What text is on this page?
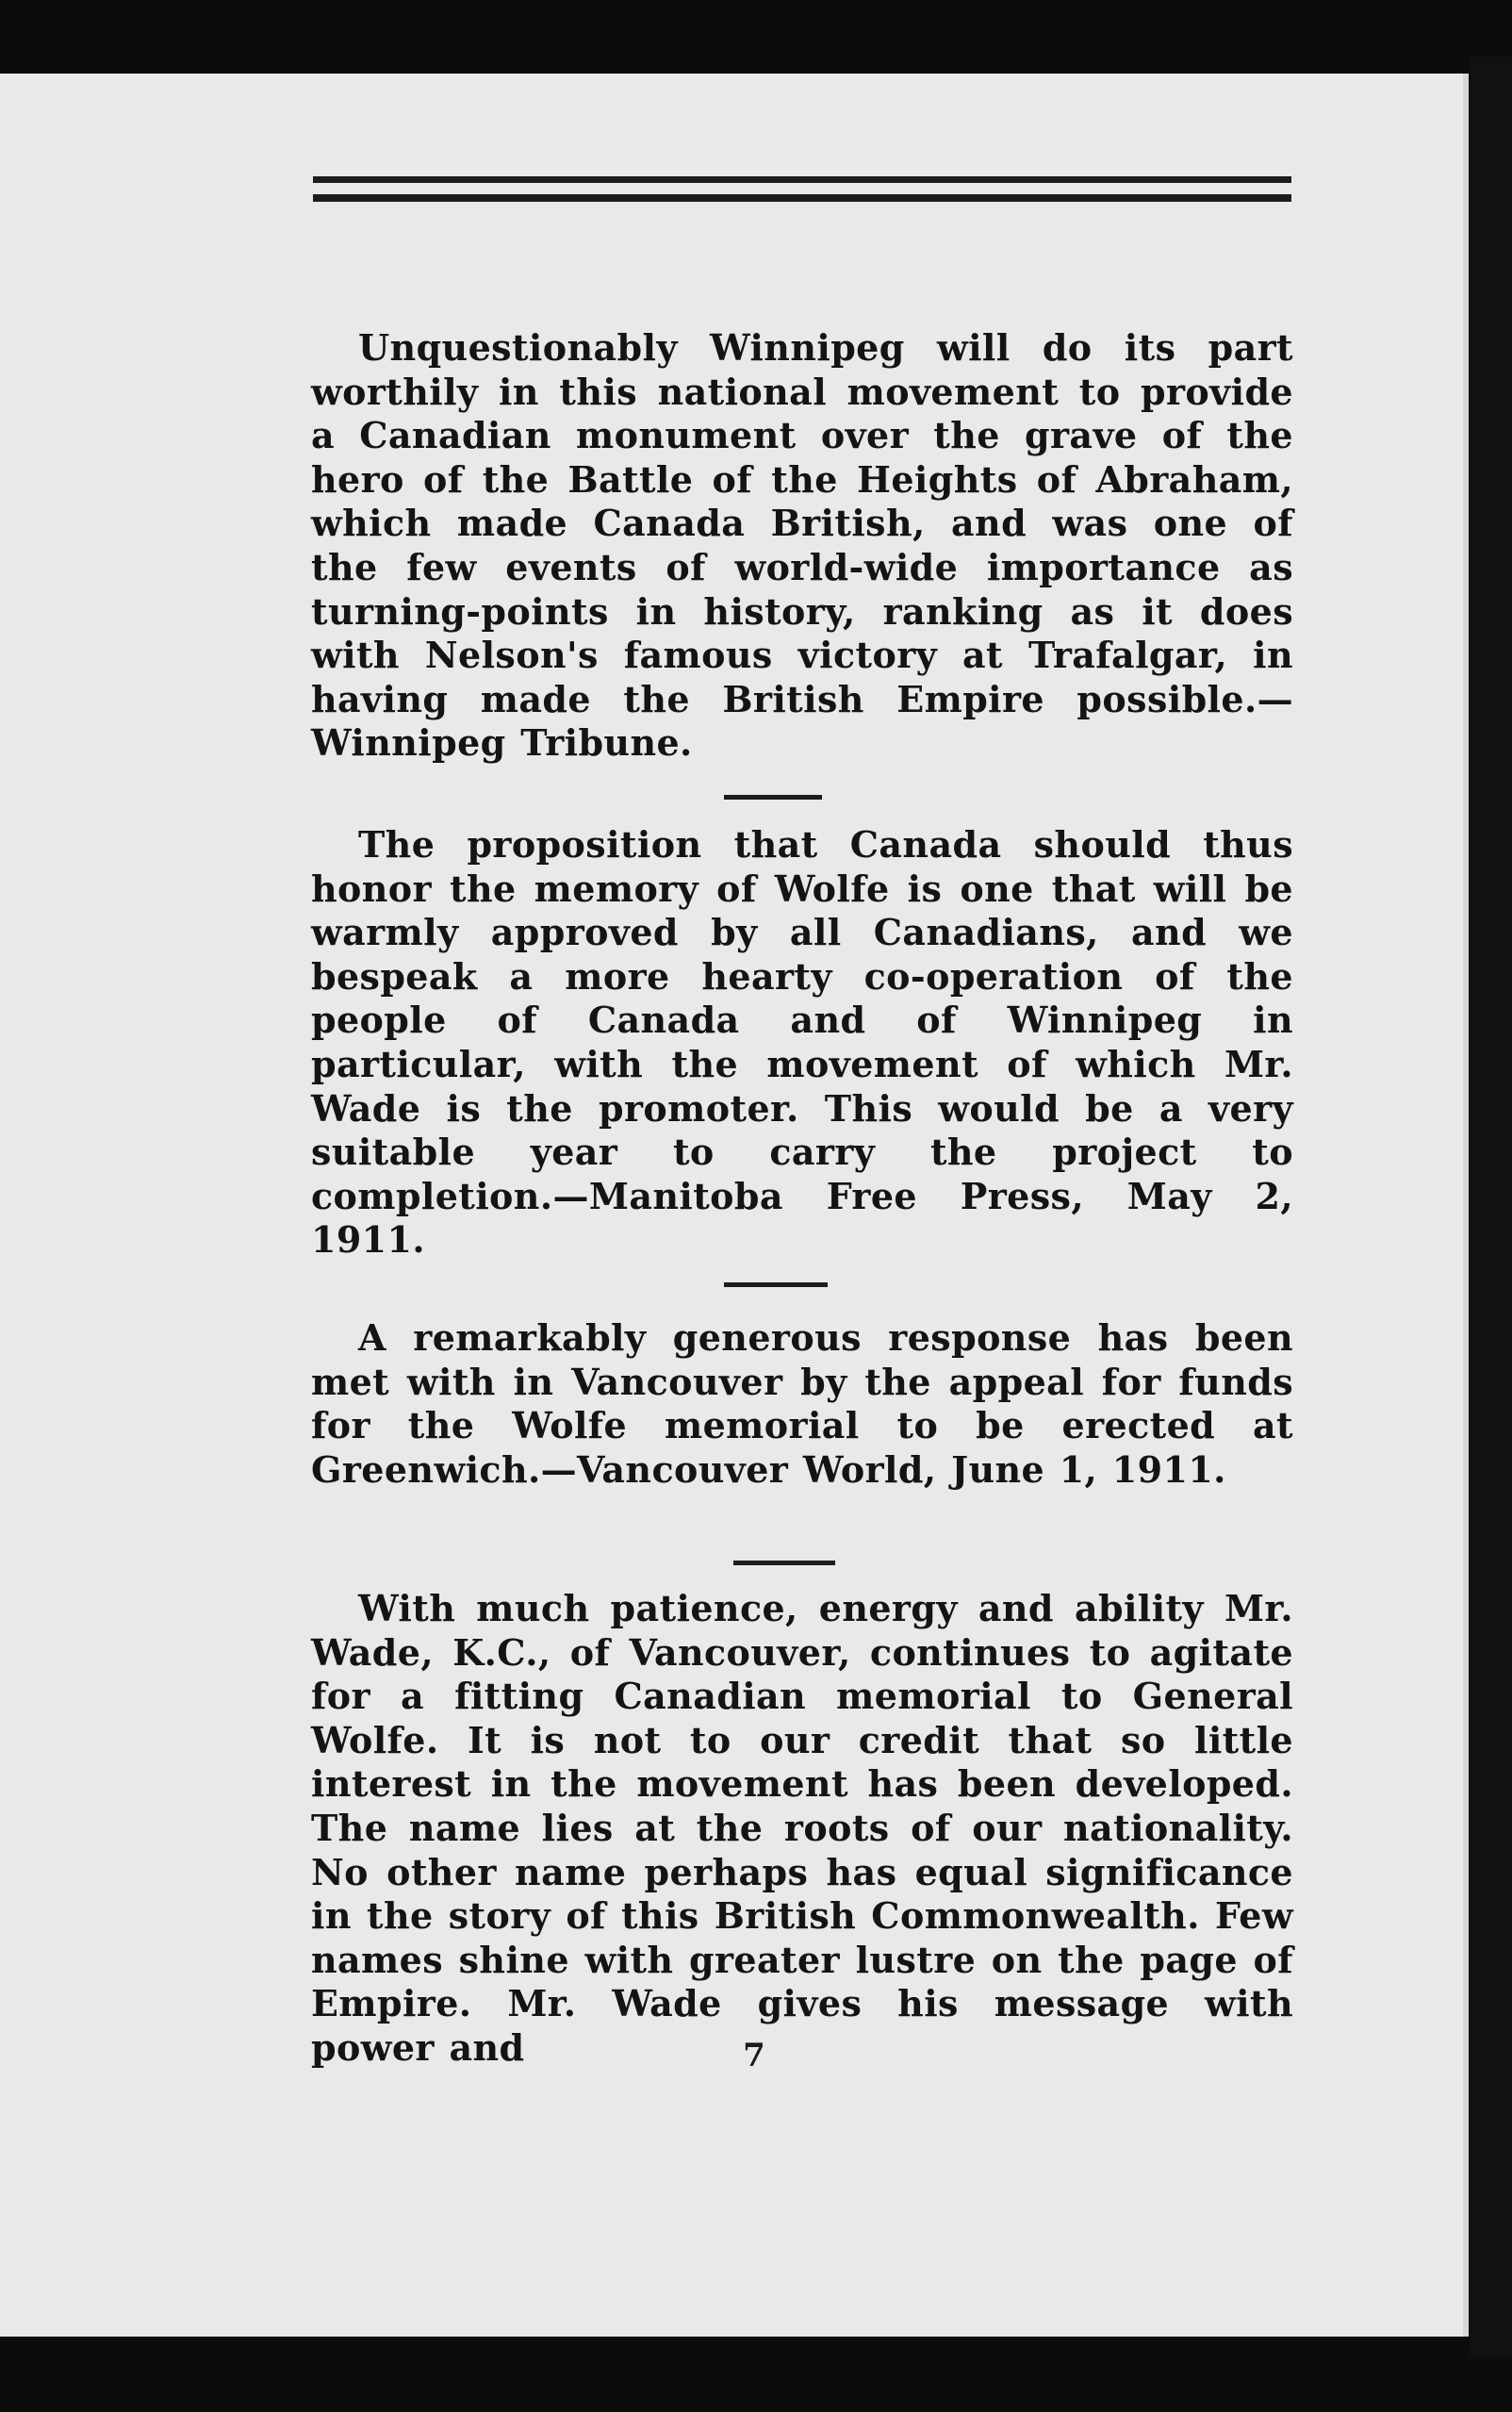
Unquestionably Winnipeg will do its part worthily in this national movement to provide a Canadian monument over the grave of the hero of the Battle of the Heights of Abraham, which made Canada British, and was one of the few events of world-wide importance as turning-points in history, ranking as it does with Nelson's famous victory at Trafalgar, in having made the British Empire possible.—Winnipeg Tribune.

The proposition that Canada should thus honor the memory of Wolfe is one that will be warmly approved by all Canadians, and we bespeak a more hearty co-operation of the people of Canada and of Winnipeg in particular, with the movement of which Mr. Wade is the promoter. This would be a very suitable year to carry the project to completion.—Manitoba Free Press, May 2, 1911.

A remarkably generous response has been met with in Vancouver by the appeal for funds for the Wolfe memorial to be erected at Greenwich.—Vancouver World, June 1, 1911.

With much patience, energy and ability Mr. Wade, K.C., of Vancouver, continues to agitate for a fitting Canadian memorial to General Wolfe. It is not to our credit that so little interest in the movement has been developed. The name lies at the roots of our nationality. No other name perhaps has equal significance in the story of this British Commonwealth. Few names shine with greater lustre on the page of Empire. Mr. Wade gives his message with power and	7
